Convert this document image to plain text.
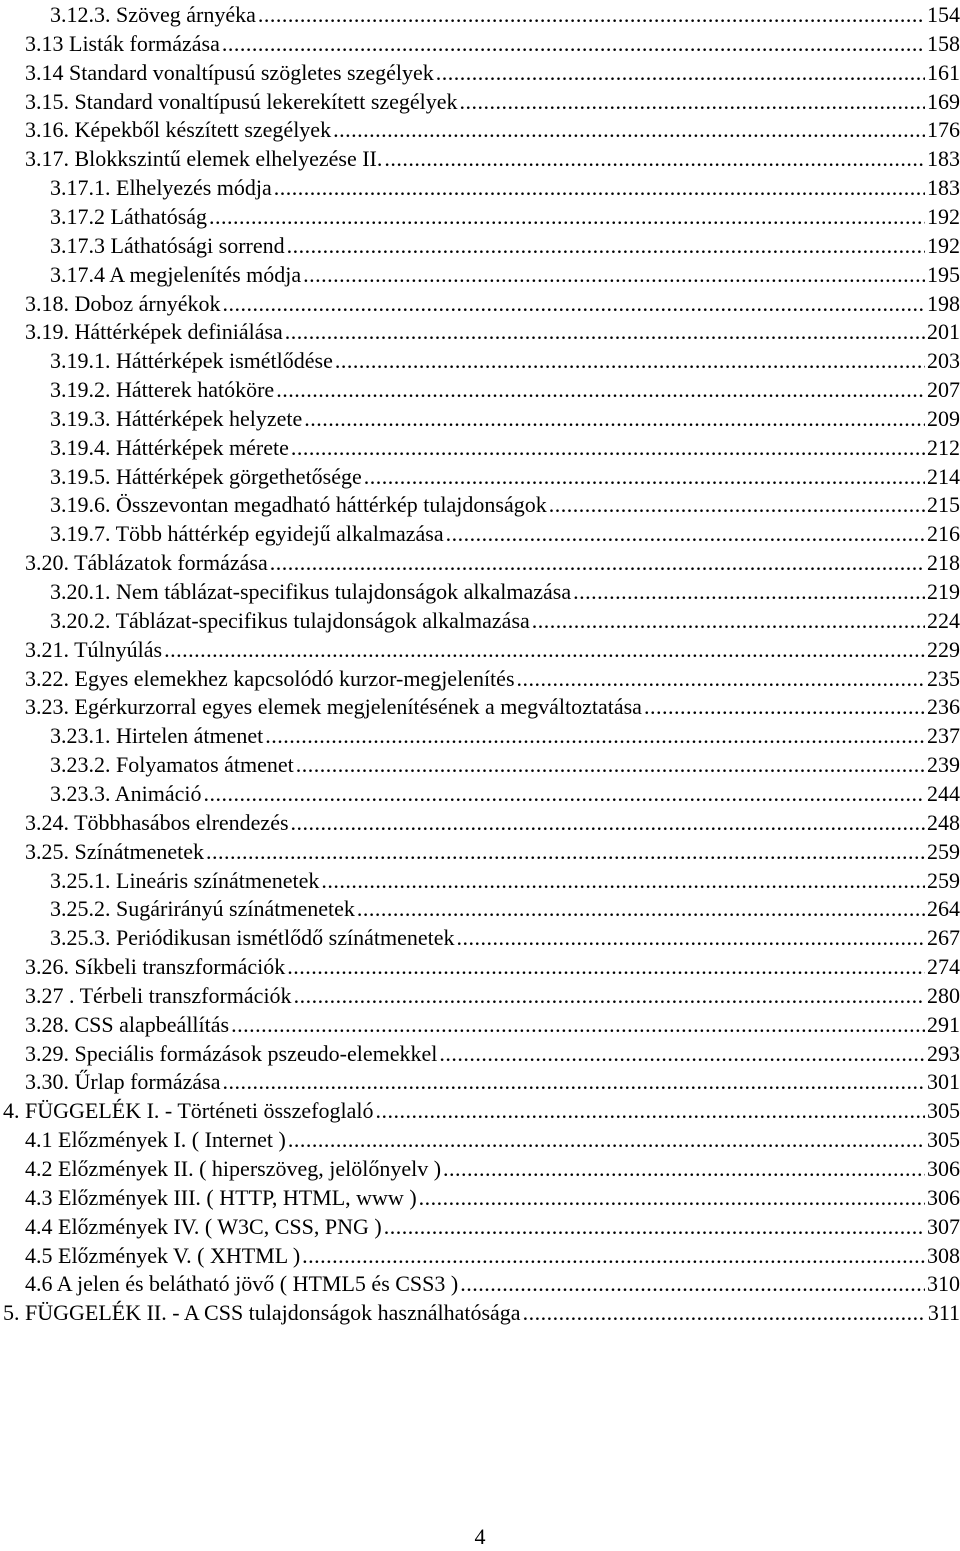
3.12.3. Szöveg árnyéka .....	154
3.13 Listák formázása .....	158
3.14 Standard vonaltípusú szögletes szegélyek .....	161
3.15. Standard vonaltípusú lekerekített szegélyek .....	169
3.16. Képekből készített szegélyek .....	176
3.17. Blokkszintű elemek elhelyezése II. .....	183
3.17.1. Elhelyezés módja .....	183
3.17.2 Láthatóság .....	192
3.17.3 Láthatósági sorrend .....	192
3.17.4 A megjelenítés módja .....	195
3.18. Doboz árnyékok .....	198
3.19. Háttérképek definiálása .....	201
3.19.1. Háttérképek ismétlődése .....	203
3.19.2. Hátterek hatóköre .....	207
3.19.3. Háttérképek helyzete .....	209
3.19.4. Háttérképek mérete .....	212
3.19.5. Háttérképek görgethetősége .....	214
3.19.6. Összevontan megadható háttérkép tulajdonságok .....	215
3.19.7. Több háttérkép egyidejű alkalmazása .....	216
3.20. Táblázatok formázása .....	218
3.20.1. Nem táblázat-specifikus tulajdonságok alkalmazása .....	219
3.20.2. Táblázat-specifikus tulajdonságok alkalmazása .....	224
3.21. Túlnyúlás .....	229
3.22. Egyes elemekhez kapcsolódó kurzor-megjelenítés .....	235
3.23. Egérkurzorral egyes elemek megjelenítésének a megváltoztatása .....	236
3.23.1. Hirtelen átmenet .....	237
3.23.2. Folyamatos átmenet .....	239
3.23.3. Animáció .....	244
3.24. Többhasábos elrendezés .....	248
3.25. Színátmenetek .....	259
3.25.1. Lineáris színátmenetek .....	259
3.25.2. Sugárirányú színátmenetek .....	264
3.25.3. Periódikusan ismétlődő színátmenetek .....	267
3.26. Síkbeli transzformációk .....	274
3.27 . Térbeli transzformációk .....	280
3.28. CSS alapbeállítás .....	291
3.29. Speciális formázások pszeudo-elemekkel .....	293
3.30. Űrlap formázása .....	301
4. FÜGGELÉK I. - Történeti összefoglaló .....	305
4.1 Előzmények I. ( Internet ) .....	305
4.2 Előzmények II. ( hiperszöveg, jelölőnyelv ) .....	306
4.3 Előzmények III. ( HTTP, HTML, www ) .....	306
4.4 Előzmények IV. ( W3C, CSS, PNG ) .....	307
4.5 Előzmények V. ( XHTML ) .....	308
4.6 A jelen és belátható jövő ( HTML5 és CSS3 ) .....	310
5. FÜGGELÉK II. - A CSS tulajdonságok használhatósága .....	311
4
